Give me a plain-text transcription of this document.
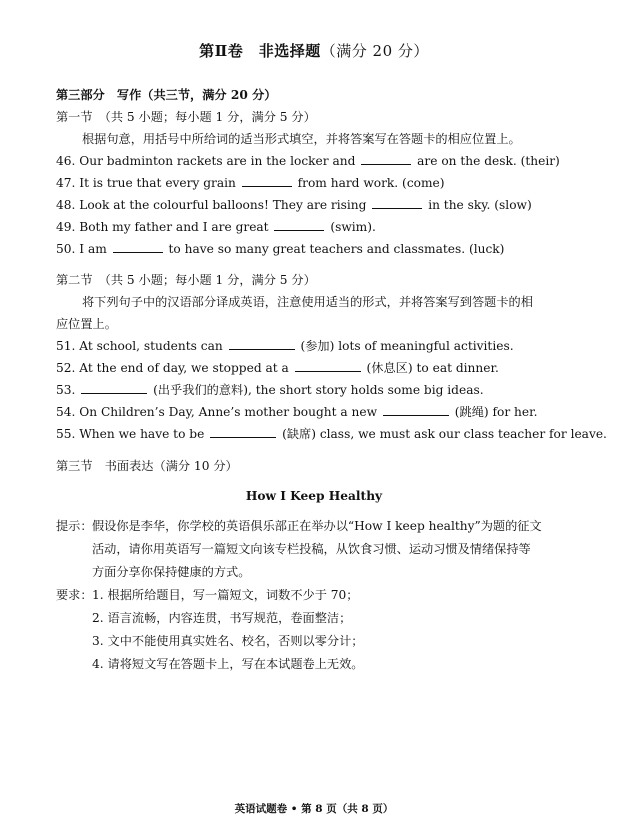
第Ⅱ卷　非选择题（满分 20 分）
第三部分　写作（共三节，满分 20 分）
第一节　（共 5 小题；每小题 1 分，满分 5 分）
根据句意，用括号中所给词的适当形式填空，并将答案写在答题卡的相应位置上。
46. Our badminton rackets are in the locker and	are on the desk. (their)
47. It is true that every grain	from hard work. (come)
48. Look at the colourful balloons! They are rising	in the sky. (slow)
49. Both my father and I are great	(swim).
50. I am	to have so many great teachers and classmates. (luck)
第二节　（共 5 小题；每小题 1 分，满分 5 分）
将下列句子中的汉语部分译成英语，注意使用适当的形式，并将答案写到答题卡的相
应位置上。
51. At school, students can	(参加) lots of meaningful activities.
52. At the end of day, we stopped at a	(休息区) to eat dinner.
53.	(出乎我们的意料), the short story holds some big ideas.
54. On Children’s Day, Anne’s mother bought a new	(跳绳) for her.
55. When we have to be	(缺席) class, we must ask our class teacher for leave.
第三节　书面表达（满分 10 分）
How I Keep Healthy
提示： 假设你是李华，你学校的英语俱乐部正在举办以“How I keep healthy”为题的征文
活动，请你用英语写一篇短文向该专栏投稿，从饮食习惯、运动习惯及情绪保持等
方面分享你保持健康的方式。
要求： 1. 根据所给题目，写一篇短文，词数不少于 70；
2. 语言流畅，内容连贯，书写规范，卷面整洁；
3. 文中不能使用真实姓名、校名，否则以零分计；
4. 请将短文写在答题卡上，写在本试题卷上无效。
英语试题卷 • 第 8 页（共 8 页）
